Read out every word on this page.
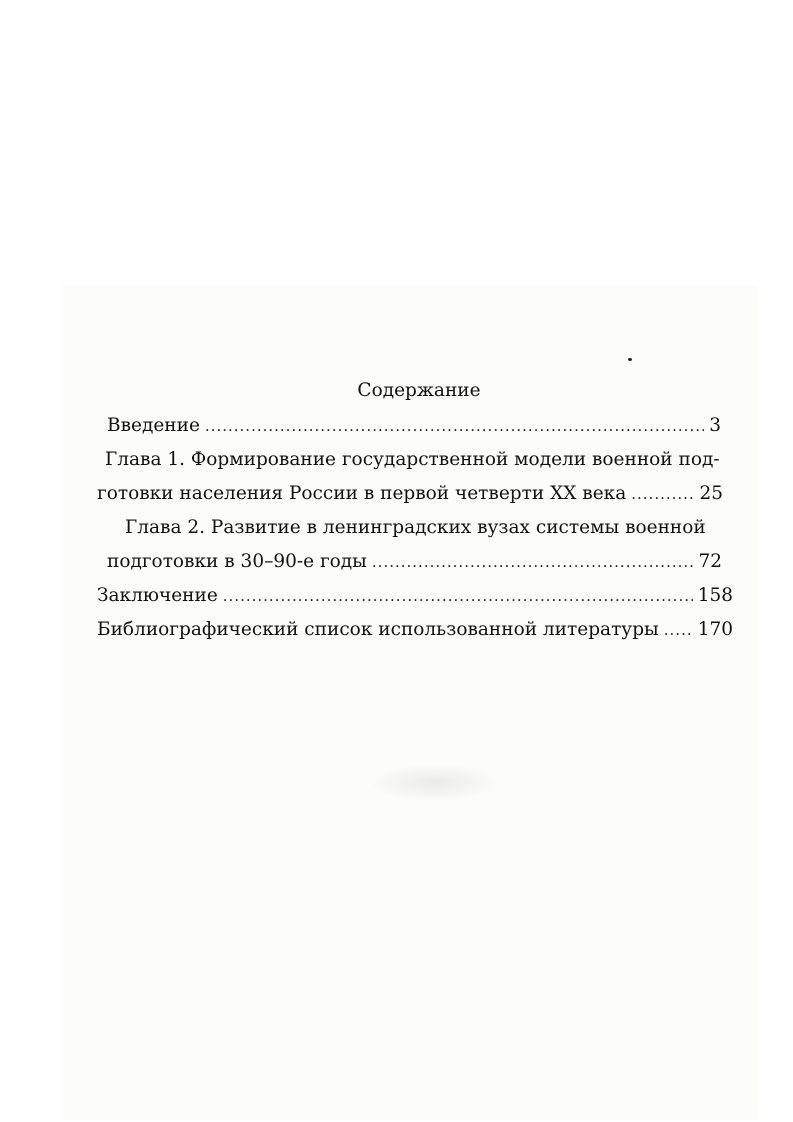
Содержание
Введение .....	3
Глава 1. Формирование государственной модели военной под-
готовки населения России в первой четверти XX века .....	25
Глава 2. Развитие в ленинградских вузах системы военной
подготовки в 30–90-е годы .....	72
Заключение .....	158
Библиографический список использованной литературы ..... 170
